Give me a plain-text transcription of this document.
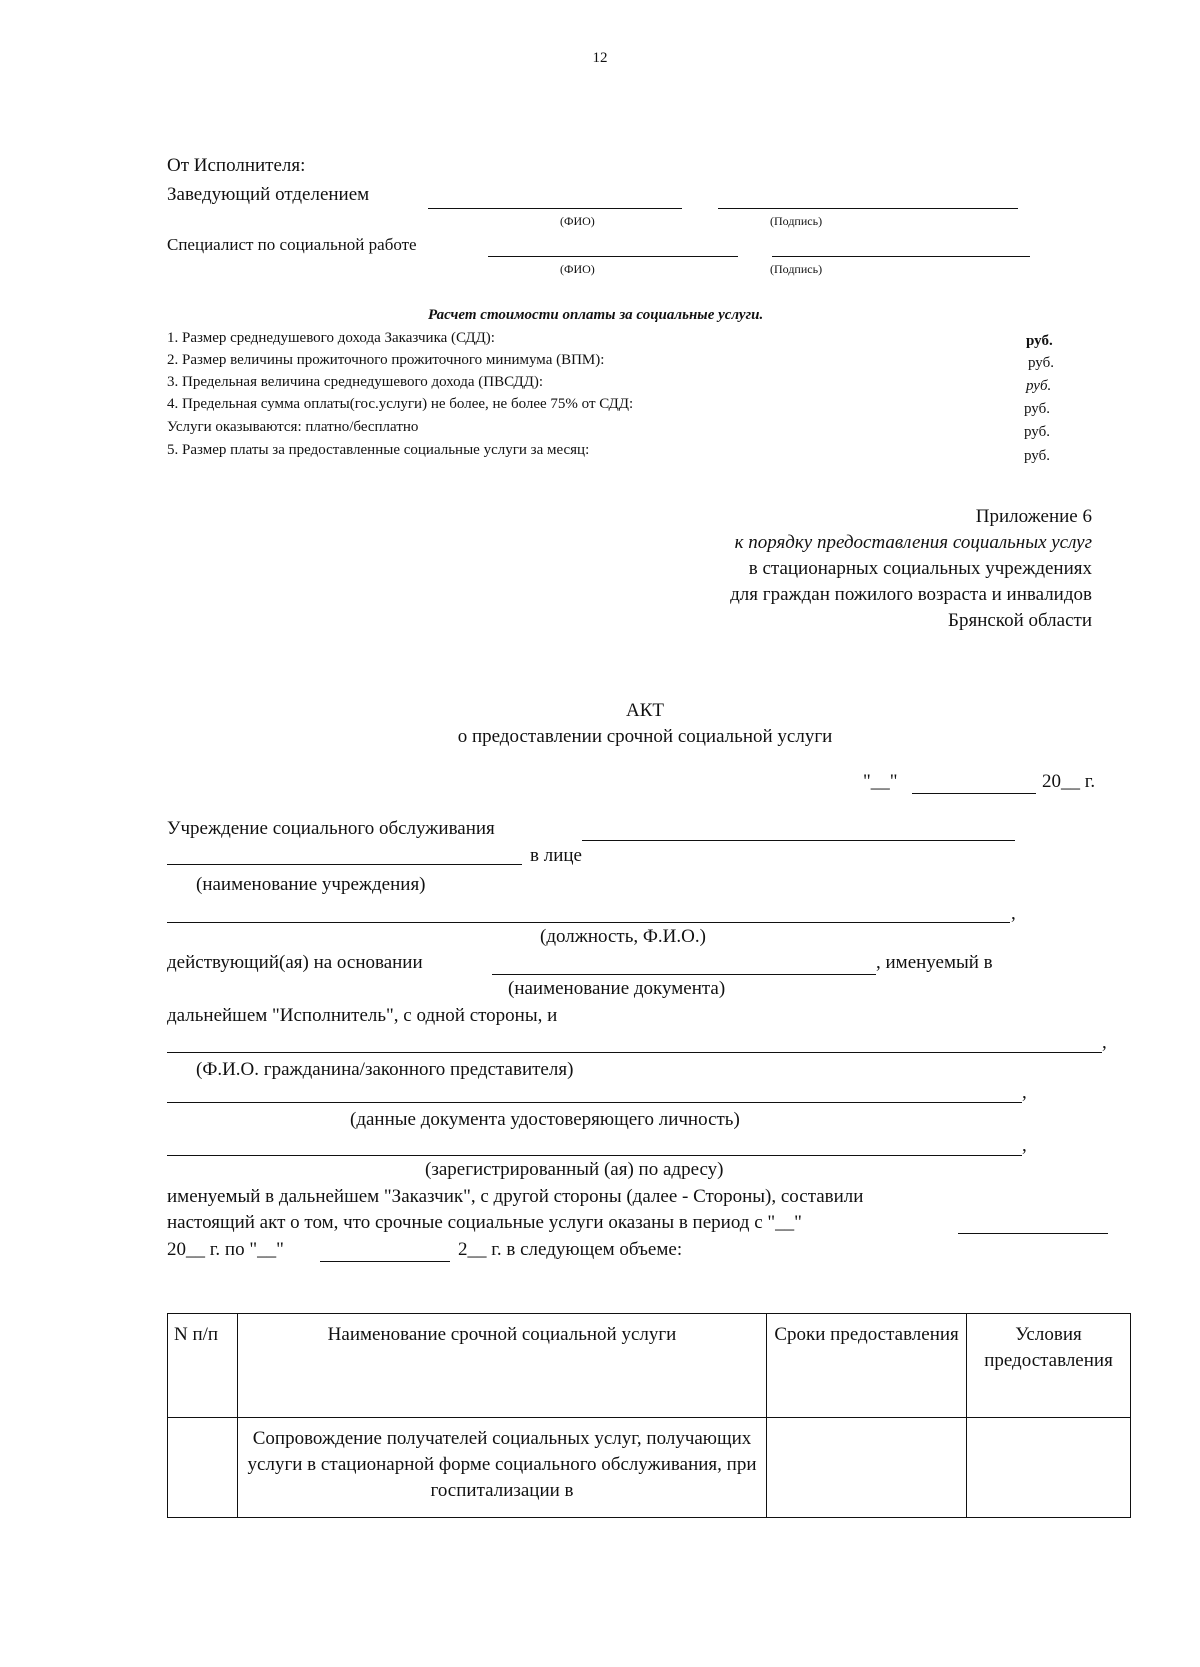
12
От Исполнителя:
Заведующий отделением
(ФИО)	(Подпись)
Специалист по социальной работе
(ФИО)	(Подпись)
Расчет стоимости оплаты за социальные услуги.
1. Размер среднедушевого дохода Заказчика (СДД):	руб.
2. Размер величины прожиточного прожиточного минимума (ВПМ):	руб.
3. Предельная величина среднедушевого дохода (ПВСДД):	руб.
4. Предельная сумма оплаты(гос.услуги) не более, не более 75% от СДД:	руб.
Услуги оказываются: платно/бесплатно	руб.
5. Размер платы за предоставленные социальные услуги за месяц:	руб.
Приложение 6
к порядку предоставления социальных услуг
в стационарных социальных учреждениях
для граждан пожилого возраста и инвалидов
Брянской области
АКТ
о предоставлении срочной социальной услуги
"__"	20__ г.
Учреждение социального обслуживания
в лице
(наименование учреждения)
,
(должность, Ф.И.О.)
действующий(ая) на основании	, именуемый в
(наименование документа)
дальнейшем "Исполнитель", с одной стороны, и
,
(Ф.И.О. гражданина/законного представителя)
,
(данные документа удостоверяющего личность)
,
(зарегистрированный (ая) по адресу)
именуемый в дальнейшем "Заказчик", с другой стороны (далее - Стороны), составили
настоящий акт о том, что срочные социальные услуги оказаны в период с "__"
20__ г. по "__"	2__ г. в следующем объеме:
N п/п	Наименование срочной социальной услуги	Сроки предоставления	Условия предоставления
	Сопровождение получателей социальных услуг, получающих услуги в стационарной форме социального обслуживания, при госпитализации в		
